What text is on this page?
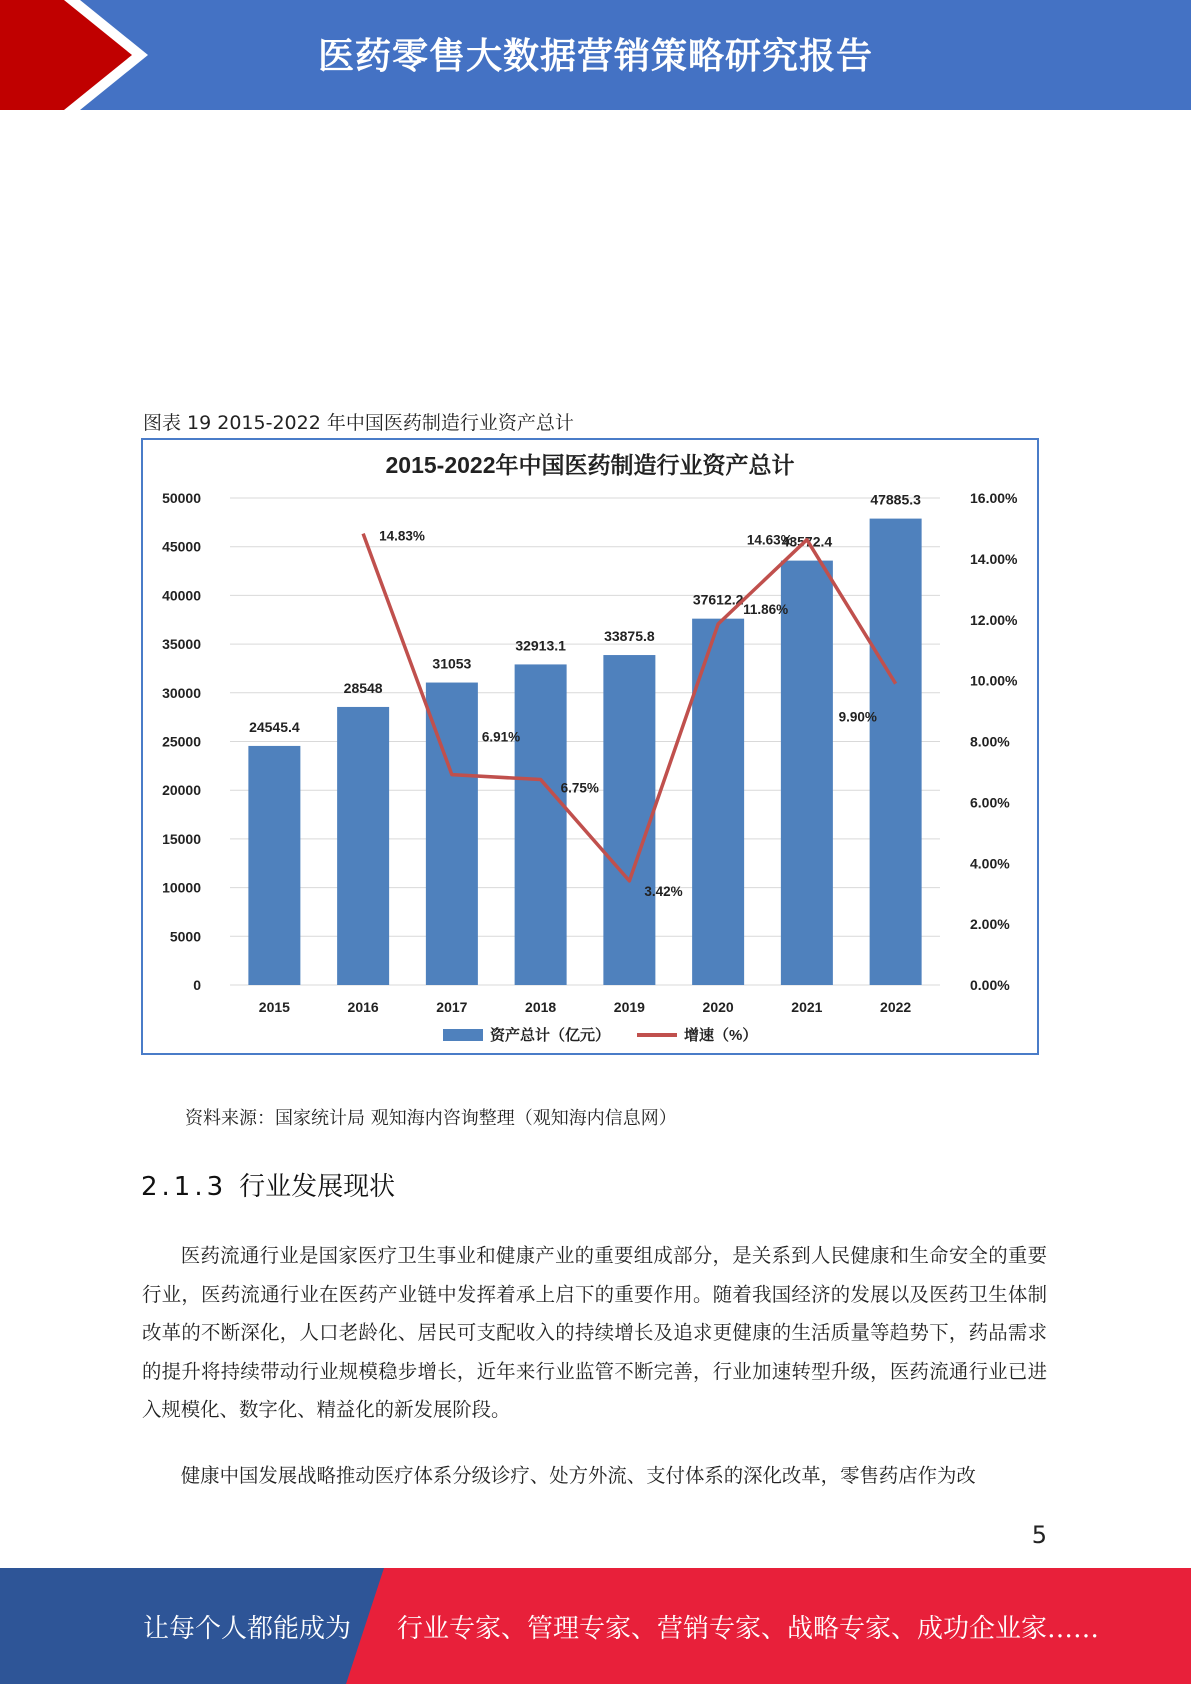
医药零售大数据营销策略研究报告
图表 19 2015-2022 年中国医药制造行业资产总计
2015-2022年中国医药制造行业资产总计
0
5000
10000
15000
20000
25000
30000
35000
40000
45000
50000
0.00%
2.00%
4.00%
6.00%
8.00%
10.00%
12.00%
14.00%
16.00%
24545.4
28548
31053
32913.1
33875.8
37612.2
43572.4
47885.3
2015	2016	2017	2018	2019	2020	2021	2022
14.83%
6.91%
6.75%
3.42%
11.86%
14.63%
9.90%
资产总计（亿元）	增速（%）
资料来源：国家统计局 观知海内咨询整理（观知海内信息网）
2.1.3 行业发展现状
医药流通行业是国家医疗卫生事业和健康产业的重要组成部分，是关系到人民健康和生命安全的重要行业，医药流通行业在医药产业链中发挥着承上启下的重要作用。随着我国经济的发展以及医药卫生体制改革的不断深化，人口老龄化、居民可支配收入的持续增长及追求更健康的生活质量等趋势下，药品需求的提升将持续带动行业规模稳步增长，近年来行业监管不断完善，行业加速转型升级，医药流通行业已进入规模化、数字化、精益化的新发展阶段。
健康中国发展战略推动医疗体系分级诊疗、处方外流、支付体系的深化改革，零售药店作为改
5
让每个人都能成为 行业专家、管理专家、营销专家、战略专家、成功企业家……
